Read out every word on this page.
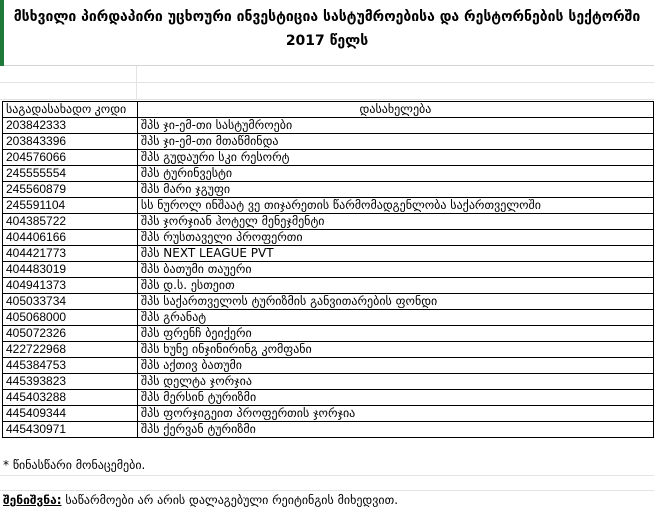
მსხვილი პირდაპირი უცხოური ინვესტიცია სასტუმროებისა და რესტორნების სექტორში 2017 წელს
საგადასახადო კოდი	დასახელება
203842333	შპს ჯი-ემ-თი სასტუმროები
203843396	შპს ჯი-ემ-თი მთაწმინდა
204576066	შპს გუდაური სკი რესორტ
245555554	შპს ტურინვესტი
245560879	შპს მარი ჯგუფი
245591104	სს ნუროლ ინშაატ ვე თიჯარეთის წარმომადგენლობა საქართველოში
404385722	შპს ჯორჯიან ჰოტელ მენეჯმენტი
404406166	შპს რუსთაველი პროფერთი
404421773	შპს NEXT LEAGUE PVT
404483019	შპს ბათუმი თაუერი
404941373	შპს დ.ს. ესთეით
405033734	შპს საქართველოს ტურიზმის განვითარების ფონდი
405068000	შპს გრანატ
405072326	შპს ფრენჩ ბეიქერი
422722968	შპს ხუნე ინჯინირინგ კომფანი
445384753	შპს აქთივ ბათუმი
445393823	შპს დელტა ჯორჯია
445403288	შპს მერსინ ტურიზმი
445409344	შპს ფორჯიგეით პროფერთის ჯორჯია
445430971	შპს ქერვან ტურიზმი
* წინასწარი მონაცემები.
შენიშვნა: საწარმოები არ არის დალაგებული რეიტინგის მიხედვით.
